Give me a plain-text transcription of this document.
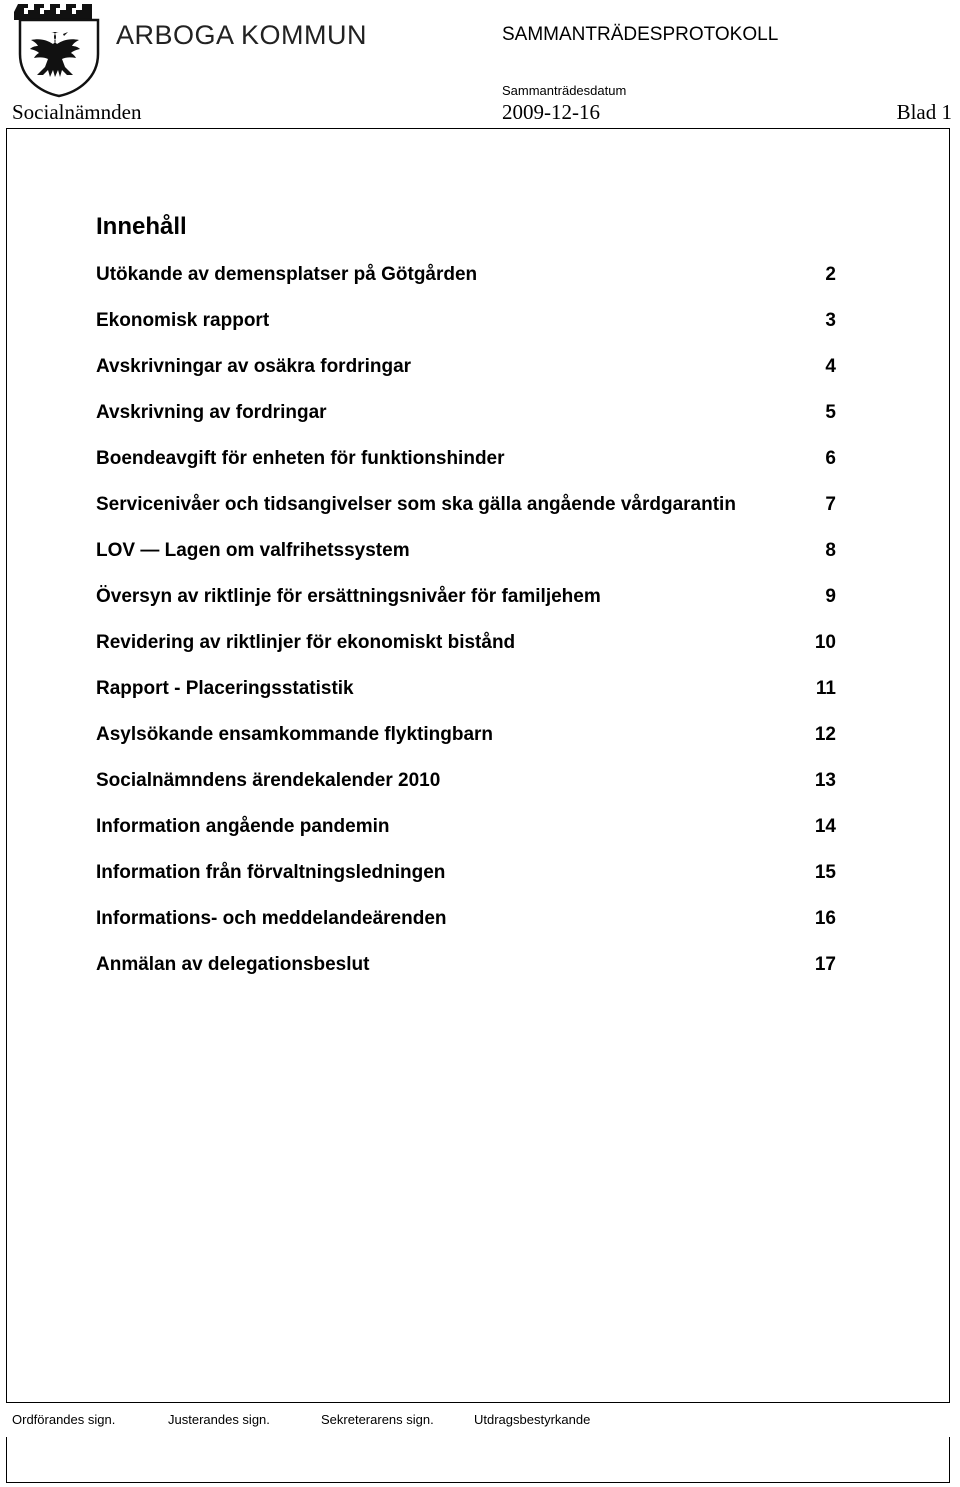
ARBOGA KOMMUN	SAMMANTRÄDESPROTOKOLL
Sammanträdesdatum
Socialnämnden	2009-12-16	Blad 1
Innehåll
Utökande av demensplatser på Götgården	2
Ekonomisk rapport	3
Avskrivningar av osäkra fordringar	4
Avskrivning av fordringar	5
Boendeavgift för enheten för funktionshinder	6
Servicenivåer och tidsangivelser som ska gälla angående vårdgarantin	7
LOV — Lagen om valfrihetssystem	8
Översyn av riktlinje för ersättningsnivåer för familjehem	9
Revidering av riktlinjer för ekonomiskt bistånd	10
Rapport - Placeringsstatistik	11
Asylsökande ensamkommande flyktingbarn	12
Socialnämndens ärendekalender 2010	13
Information angående pandemin	14
Information från förvaltningsledningen	15
Informations- och meddelandeärenden	16
Anmälan av delegationsbeslut	17
Ordförandes sign.	Justerandes sign.	Sekreterarens sign.	Utdragsbestyrkande
